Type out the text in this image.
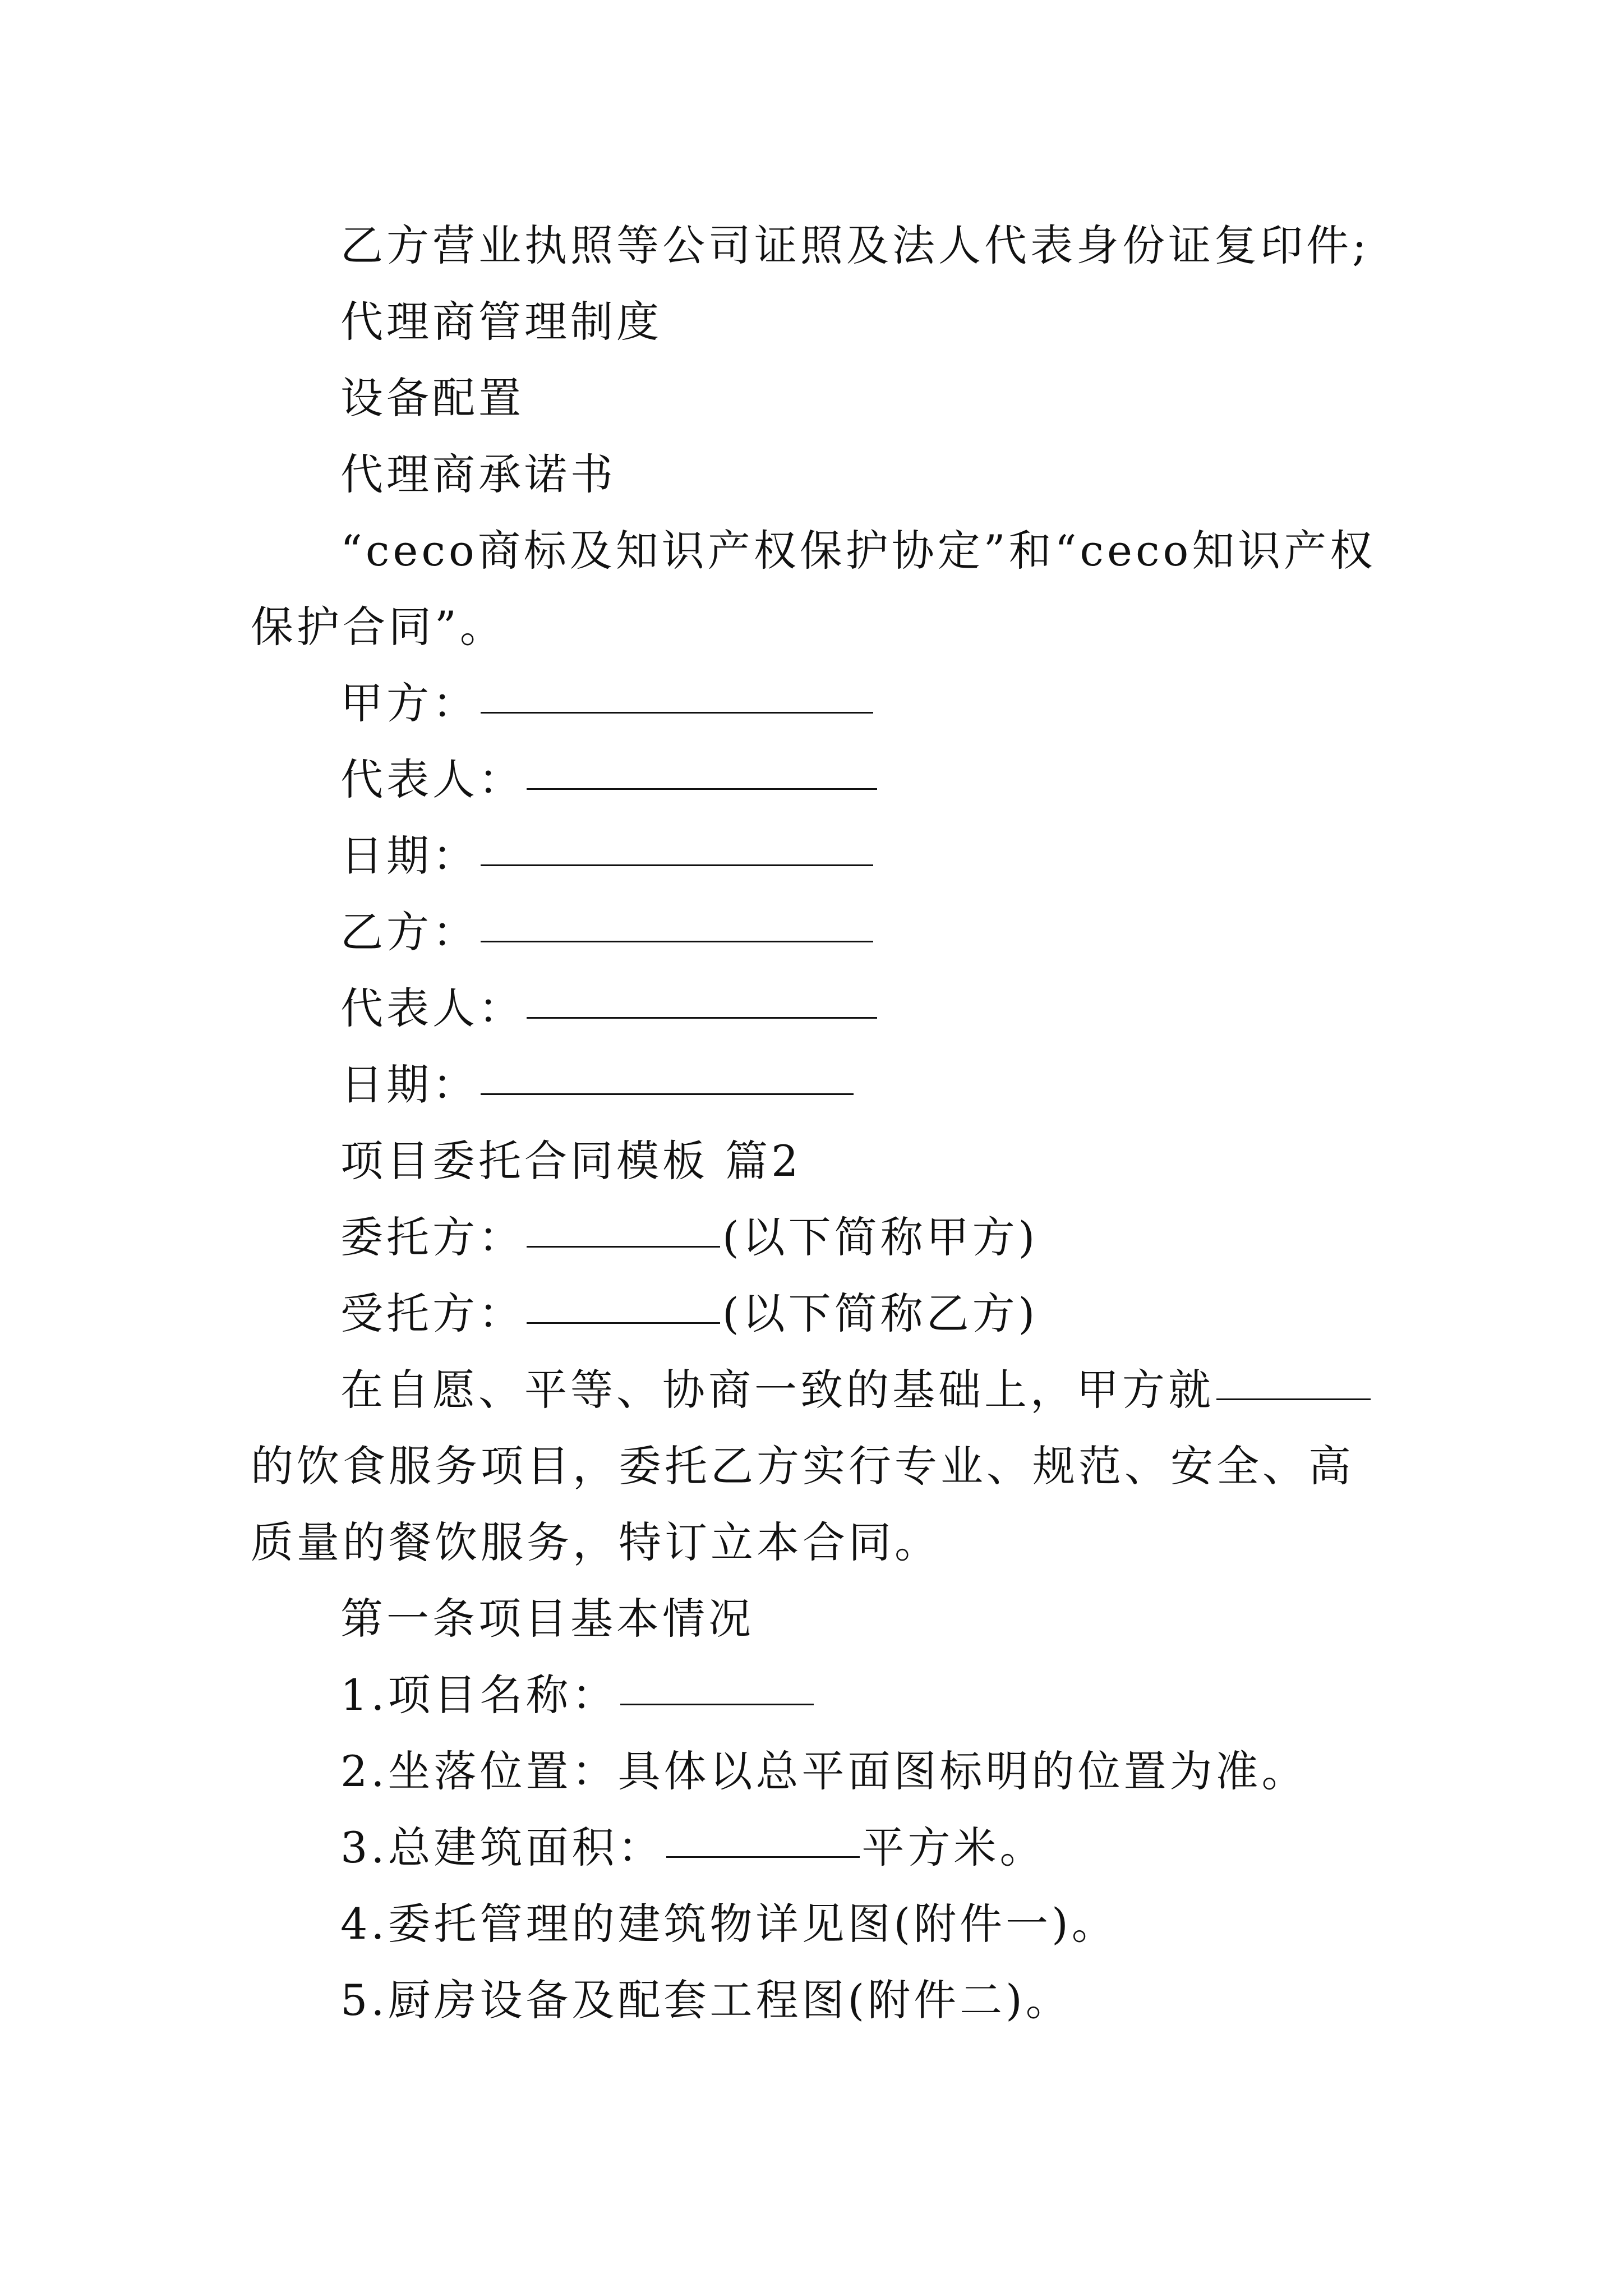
乙方营业执照等公司证照及法人代表身份证复印件;

代理商管理制度

设备配置

代理商承诺书

“ceco商标及知识产权保护协定”和“ceco知识产权保护合同”。

甲方：

代表人：

日期：

乙方：

代表人：

日期：

项目委托合同模板 篇2

委托方：	(以下简称甲方)

受托方：	(以下简称乙方)

在自愿、平等、协商一致的基础上，甲方就的饮食服务项目，委托乙方实行专业、规范、安全、高质量的餐饮服务，特订立本合同。

第一条项目基本情况

1.项目名称：

2.坐落位置：具体以总平面图标明的位置为准。

3.总建筑面积：	平方米。

4.委托管理的建筑物详见图(附件一)。

5.厨房设备及配套工程图(附件二)。
